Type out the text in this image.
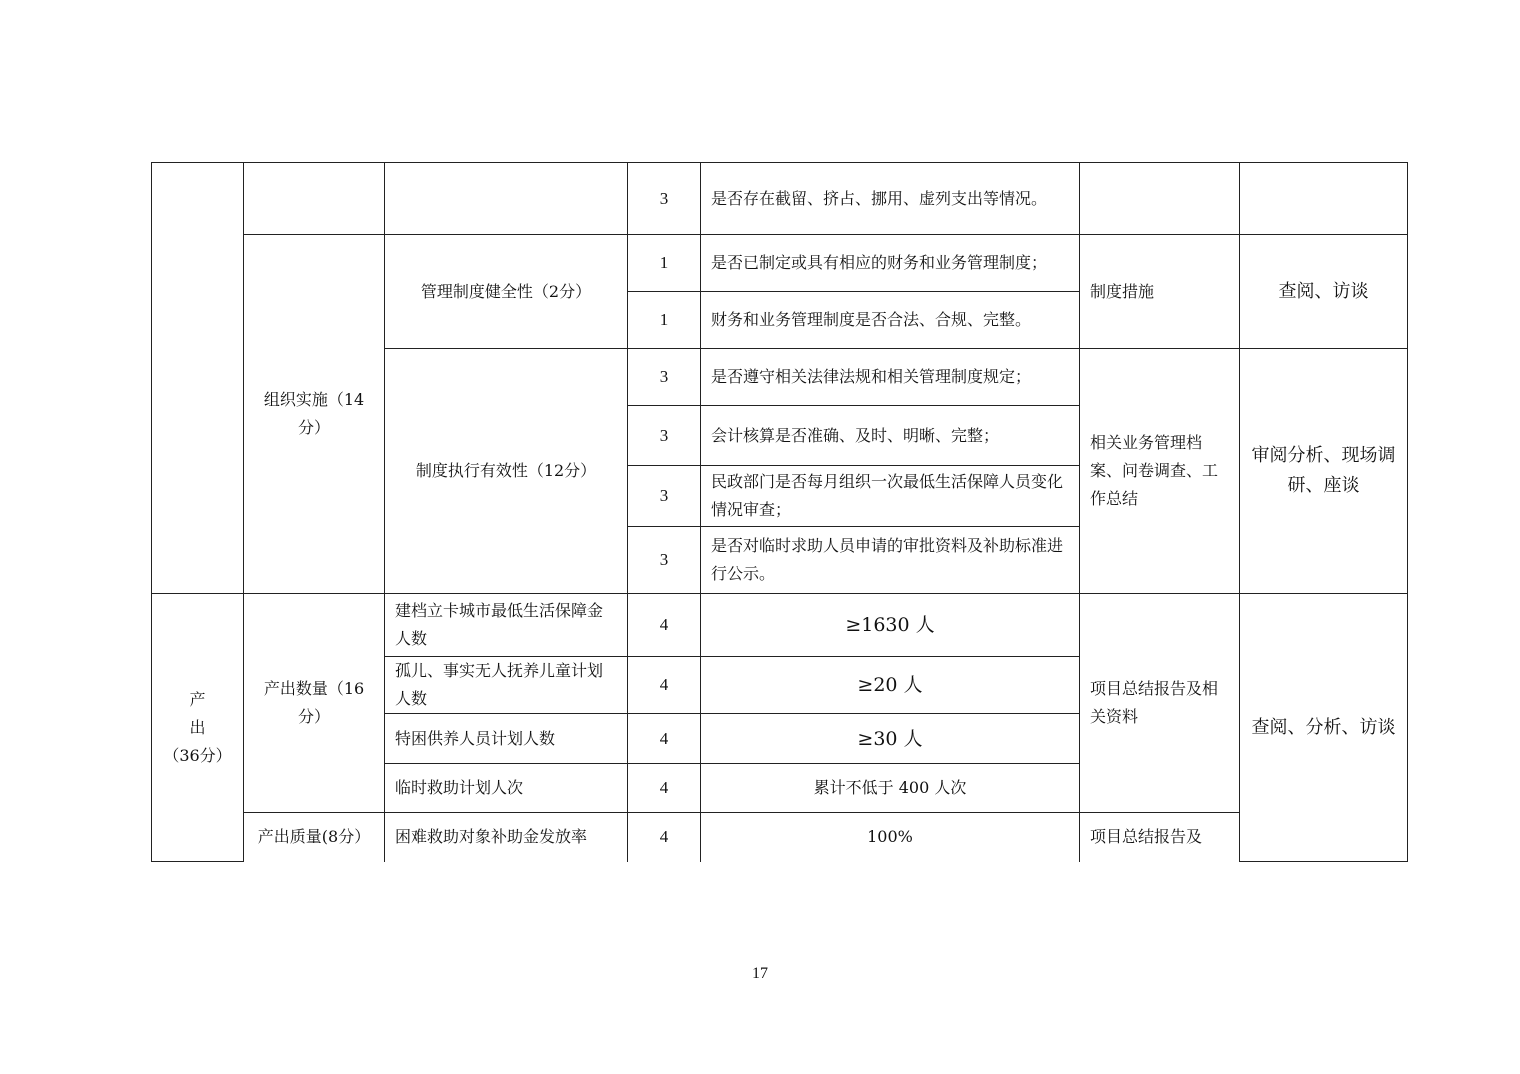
			3	是否存在截留、挤占、挪用、虚列支出等情况。		
	组织实施（14分）	管理制度健全性（2分）	1	是否已制定或具有相应的财务和业务管理制度；	制度措施	查阅、访谈
			1	财务和业务管理制度是否合法、合规、完整。		
		制度执行有效性（12分）	3	是否遵守相关法律法规和相关管理制度规定；	相关业务管理档案、问卷调查、工作总结	审阅分析、现场调研、座谈
			3	会计核算是否准确、及时、明晰、完整；		
			3	民政部门是否每月组织一次最低生活保障人员变化情况审查；		
			3	是否对临时求助人员申请的审批资料及补助标准进行公示。		

产出
（36分）	产出数量（16分）	建档立卡城市最低生活保障金人数	4	≥1630 人	项目总结报告及相关资料	查阅、分析、访谈
		孤儿、事实无人抚养儿童计划人数	4	≥20 人		
		特困供养人员计划人数	4	≥30 人		
		临时救助计划人次	4	累计不低于 400 人次		
	产出质量(8分）	困难救助对象补助金发放率	4	100%	项目总结报告及	
17
